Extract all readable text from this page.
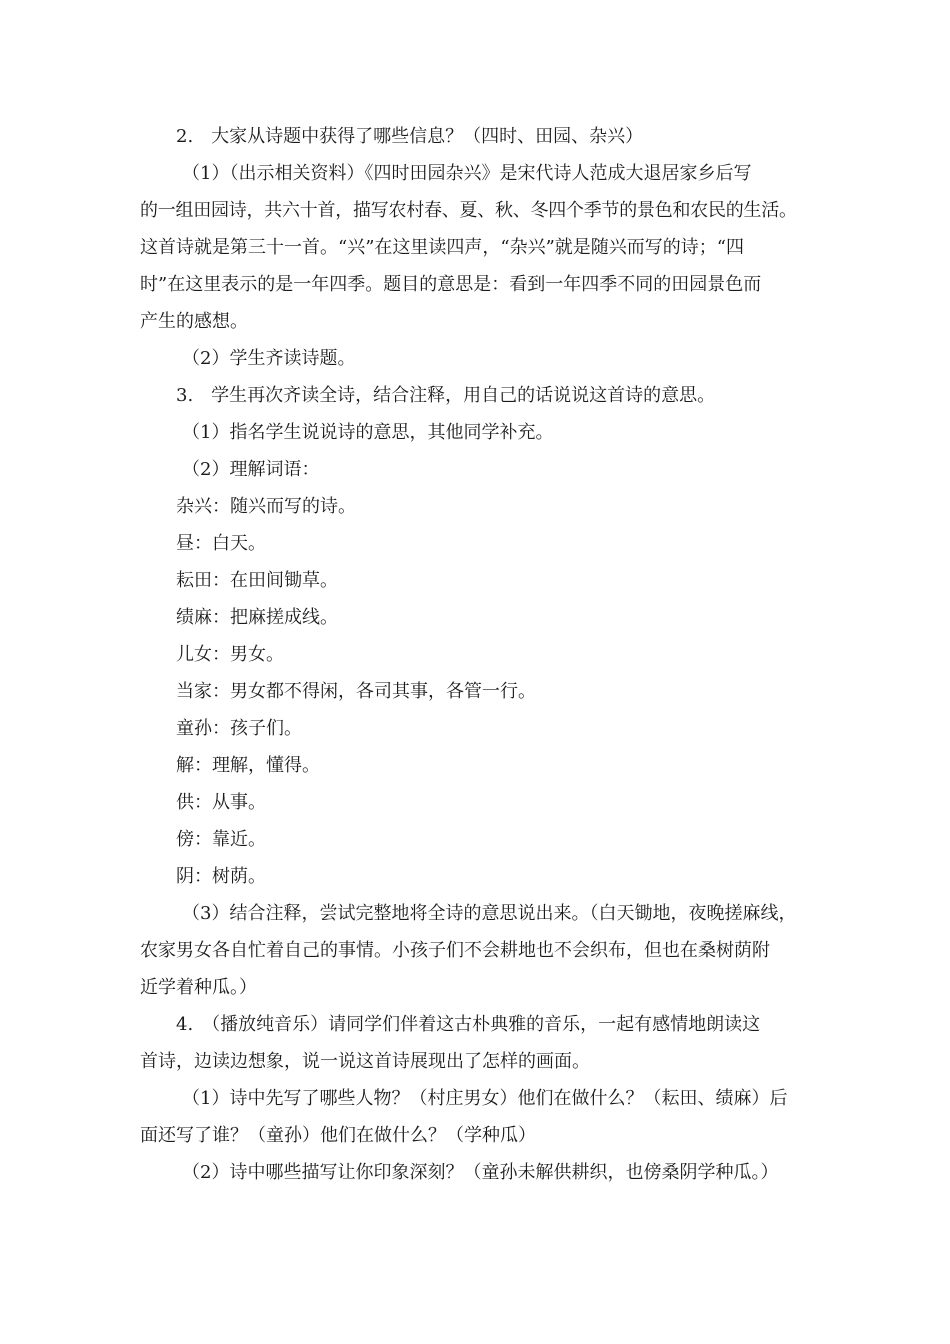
2.　大家从诗题中获得了哪些信息？（四时、田园、杂兴）
（1）（出示相关资料）《四时田园杂兴》是宋代诗人范成大退居家乡后写
的一组田园诗，共六十首，描写农村春、夏、秋、冬四个季节的景色和农民的生活。
这首诗就是第三十一首。“兴”在这里读四声，“杂兴”就是随兴而写的诗；“四
时”在这里表示的是一年四季。题目的意思是：看到一年四季不同的田园景色而
产生的感想。
（2）学生齐读诗题。
3.　学生再次齐读全诗，结合注释，用自己的话说说这首诗的意思。
（1）指名学生说说诗的意思，其他同学补充。
（2）理解词语：
杂兴：随兴而写的诗。
昼：白天。
耘田：在田间锄草。
绩麻：把麻搓成线。
儿女：男女。
当家：男女都不得闲，各司其事，各管一行。
童孙：孩子们。
解：理解，懂得。
供：从事。
傍：靠近。
阴：树荫。
（3）结合注释，尝试完整地将全诗的意思说出来。（白天锄地，夜晚搓麻线，
农家男女各自忙着自己的事情。小孩子们不会耕地也不会织布，但也在桑树荫附
近学着种瓜。）
4.　（播放纯音乐）请同学们伴着这古朴典雅的音乐，一起有感情地朗读这
首诗，边读边想象，说一说这首诗展现出了怎样的画面。
（1）诗中先写了哪些人物？（村庄男女）他们在做什么？（耘田、绩麻）后
面还写了谁？（童孙）他们在做什么？（学种瓜）
（2）诗中哪些描写让你印象深刻？（童孙未解供耕织，也傍桑阴学种瓜。）
